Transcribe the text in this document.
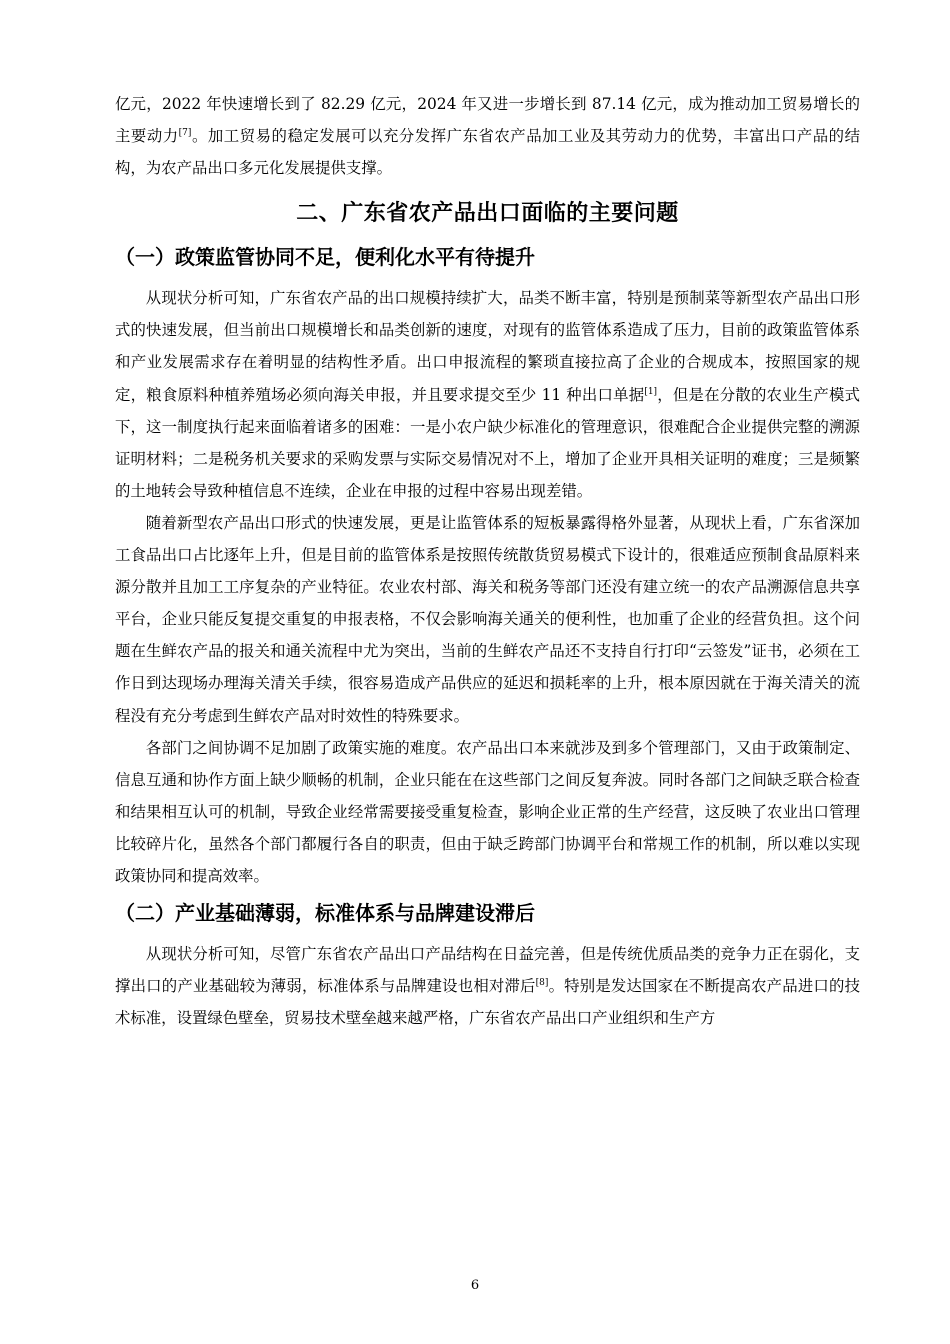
亿元，2022 年快速增长到了 82.29 亿元，2024 年又进一步增长到 87.14 亿元，成为推动加工贸易增长的主要动力[7]。加工贸易的稳定发展可以充分发挥广东省农产品加工业及其劳动力的优势，丰富出口产品的结构，为农产品出口多元化发展提供支撑。

二、广东省农产品出口面临的主要问题
（一）政策监管协同不足，便利化水平有待提升

从现状分析可知，广东省农产品的出口规模持续扩大，品类不断丰富，特别是预制菜等新型农产品出口形式的快速发展，但当前出口规模增长和品类创新的速度，对现有的监管体系造成了压力，目前的政策监管体系和产业发展需求存在着明显的结构性矛盾。出口申报流程的繁琐直接拉高了企业的合规成本，按照国家的规定，粮食原料种植养殖场必须向海关申报，并且要求提交至少 11 种出口单据[1]，但是在分散的农业生产模式下，这一制度执行起来面临着诸多的困难：一是小农户缺少标准化的管理意识，很难配合企业提供完整的溯源证明材料；二是税务机关要求的采购发票与实际交易情况对不上，增加了企业开具相关证明的难度；三是频繁的土地转会导致种植信息不连续，企业在申报的过程中容易出现差错。

随着新型农产品出口形式的快速发展，更是让监管体系的短板暴露得格外显著，从现状上看，广东省深加工食品出口占比逐年上升，但是目前的监管体系是按照传统散货贸易模式下设计的，很难适应预制食品原料来源分散并且加工工序复杂的产业特征。农业农村部、海关和税务等部门还没有建立统一的农产品溯源信息共享平台，企业只能反复提交重复的申报表格，不仅会影响海关通关的便利性，也加重了企业的经营负担。这个问题在生鲜农产品的报关和通关流程中尤为突出，当前的生鲜农产品还不支持自行打印“云签发”证书，必须在工作日到达现场办理海关清关手续，很容易造成产品供应的延迟和损耗率的上升，根本原因就在于海关清关的流程没有充分考虑到生鲜农产品对时效性的特殊要求。

各部门之间协调不足加剧了政策实施的难度。农产品出口本来就涉及到多个管理部门，又由于政策制定、信息互通和协作方面上缺少顺畅的机制，企业只能在在这些部门之间反复奔波。同时各部门之间缺乏联合检查和结果相互认可的机制，导致企业经常需要接受重复检查，影响企业正常的生产经营，这反映了农业出口管理比较碎片化，虽然各个部门都履行各自的职责，但由于缺乏跨部门协调平台和常规工作的机制，所以难以实现政策协同和提高效率。

（二）产业基础薄弱，标准体系与品牌建设滞后

从现状分析可知，尽管广东省农产品出口产品结构在日益完善，但是传统优质品类的竞争力正在弱化，支撑出口的产业基础较为薄弱，标准体系与品牌建设也相对滞后[8]。特别是发达国家在不断提高农产品进口的技术标准，设置绿色壁垒，贸易技术壁垒越来越严格，广东省农产品出口产业组织和生产方

6
